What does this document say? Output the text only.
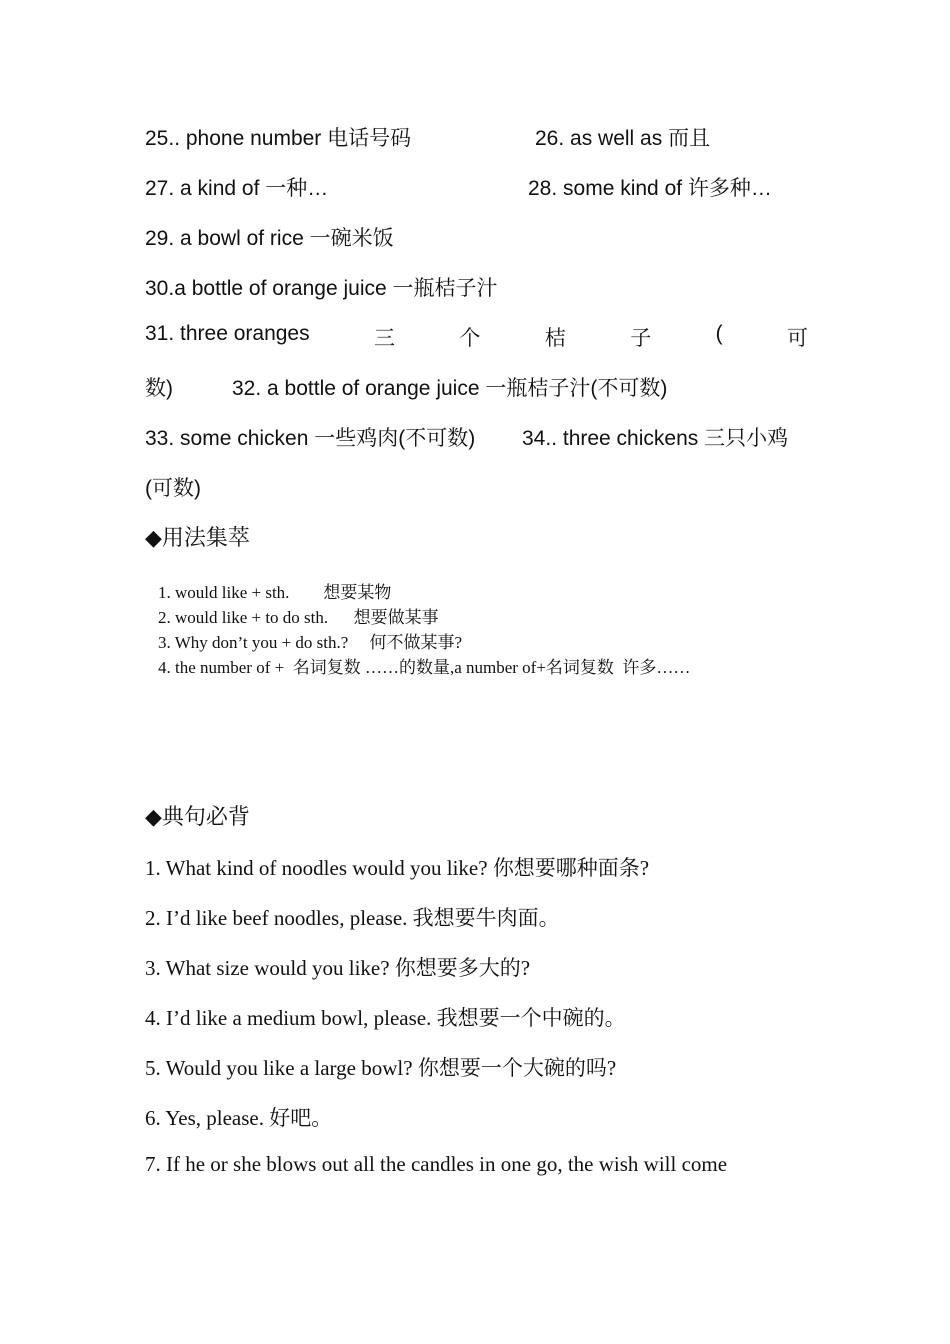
25.. phone number 电话号码	26. as well as 而且
27. a kind of 一种…	28. some kind of 许多种…
29. a bowl of rice 一碗米饭
30.a bottle of orange juice 一瓶桔子汁
31. three oranges	三	个	桔	子	(	可
数)	32. a bottle of orange juice 一瓶桔子汁(不可数)
33. some chicken 一些鸡肉(不可数) 34.. three chickens 三只小鸡
(可数)
◆用法集萃
1. would like + sth.        想要某物
2. would like + to do sth.      想要做某事
3. Why don’t you + do sth.?     何不做某事?
4. the number of +  名词复数 ……的数量,a number of+名词复数  许多……
◆典句必背
1. What kind of noodles would you like? 你想要哪种面条?
2. I’d like beef noodles, please. 我想要牛肉面。
3. What size would you like? 你想要多大的?
4. I’d like a medium bowl, please. 我想要一个中碗的。
5. Would you like a large bowl? 你想要一个大碗的吗?
6. Yes, please. 好吧。
7. If he or she blows out all the candles in one go, the wish will come
